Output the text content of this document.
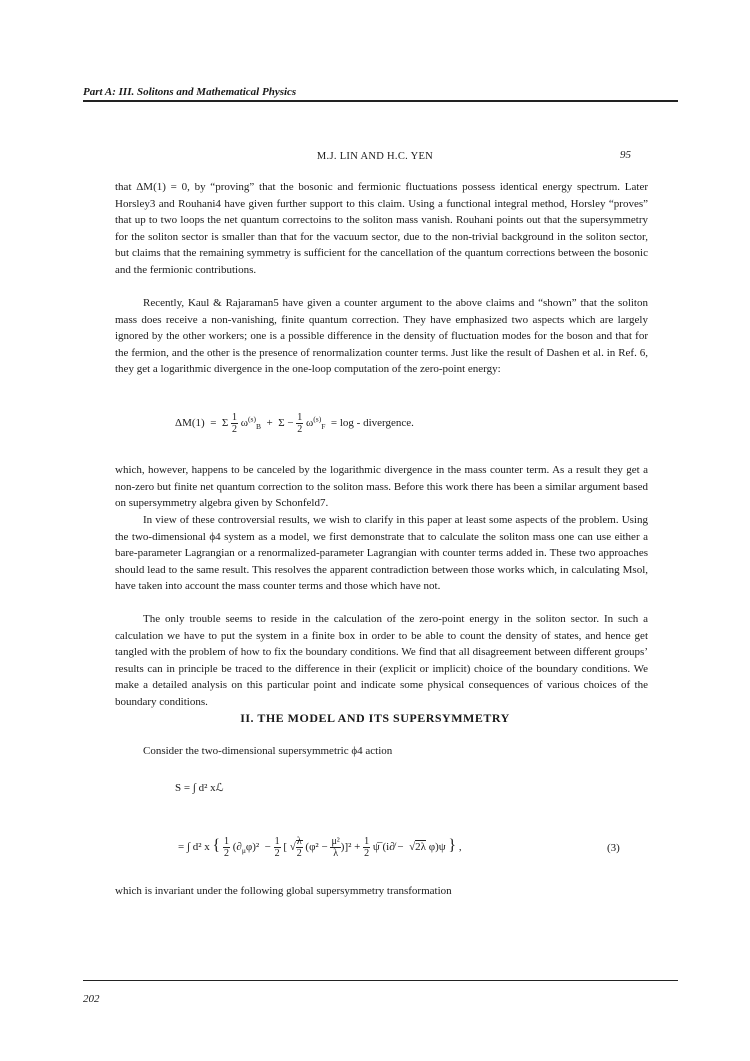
Part A: III. Solitons and Mathematical Physics
M.J. LIN AND H.C. YEN	95

that ΔM(1) = 0, by “proving” that the bosonic and fermionic fluctuations possess identical energy spectrum. Later Horsley3 and Rouhani4 have given further support to this claim. Using a functional integral method, Horsley “proves” that up to two loops the net quantum correctoins to the soliton mass vanish. Rouhani points out that the supersymmetry for the soliton sector is smaller than that for the vacuum sector, due to the non-trivial background in the soliton sector, but claims that the remaining symmetry is sufficient for the cancellation of the quantum corrections between the bosonic and the fermionic contributions.

Recently, Kaul & Rajaraman5 have given a counter argument to the above claims and “shown” that the soliton mass does receive a non-vanishing, finite quantum correction. They have emphasized two aspects which are largely ignored by the other workers; one is a possible difference in the density of fluctuation modes for the boson and that for the fermion, and the other is the presence of renormalization counter terms. Just like the result of Dashen et al. in Ref. 6, they get a logarithmic divergence in the one-loop computation of the zero-point energy:

ΔM(1)  =  Σ $\frac{1}{2} \omega^{(s)}_B + \Sigma - \frac{1}{2} \omega^{(s)}_F = \log$ - divergence.

which, however, happens to be canceled by the logarithmic divergence in the mass counter term. As a result they get a non-zero but finite net quantum correction to the soliton mass. Before this work there has been a similar argument based on supersymmetry algebra given by Schonfeld7.

In view of these controversial results, we wish to clarify in this paper at least some aspects of the problem. Using the two-dimensional ϕ4 system as a model, we first demonstrate that to calculate the soliton mass one can use either a bare-parameter Lagrangian or a renormalized-parameter Lagrangian with counter terms added in. These two approaches should lead to the same result. This resolves the apparent contradiction between those works which, in calculating Msol, have taken into account the mass counter terms and those which have not.

The only trouble seems to reside in the calculation of the zero-point energy in the soliton sector. In such a calculation we have to put the system in a finite box in order to be able to count the density of states, and hence get tangled with the problem of how to fix the boundary conditions. We find that all disagreement between different groups’ results can in principle be traced to the difference in their (explicit or implicit) choice of the boundary conditions. We make a detailed analysis on this particular point and indicate some physical consequences of various choices of the boundary conditions.

II. THE MODEL AND ITS SUPERSYMMETRY

Consider the two-dimensional supersymmetric ϕ4 action

S = ∫ d² xℒ
= ∫ d² x { $\frac{1}{2} (\partial_\mu\varphi)^2 - \frac{1}{2}$ [ √ $\frac{\lambda}{2} (\varphi^2 - \frac{\text{μ²}}{\lambda} )]^2 + \frac{1}{2}$ ψ̅ (i∂̸ −  √2λ φ)ψ } ,	(3)

which is invariant under the following global supersymmetry transformation

202
